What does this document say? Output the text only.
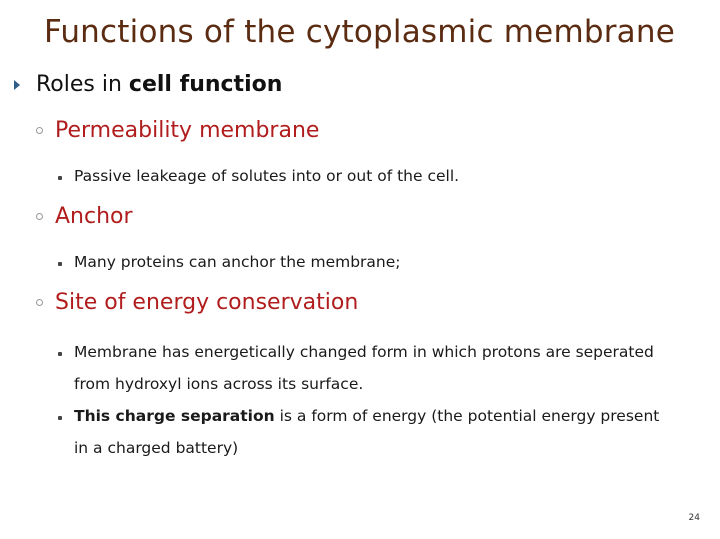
Functions of the cytoplasmic membrane
Roles in cell function
Permeability membrane
Passive leakeage of solutes into or out of the cell.
Anchor
Many proteins can anchor the membrane;
Site of energy conservation
Membrane has energetically changed form in which protons are seperated from hydroxyl ions across its surface.
This charge separation is a form of energy (the potential energy present in a charged battery)
24
